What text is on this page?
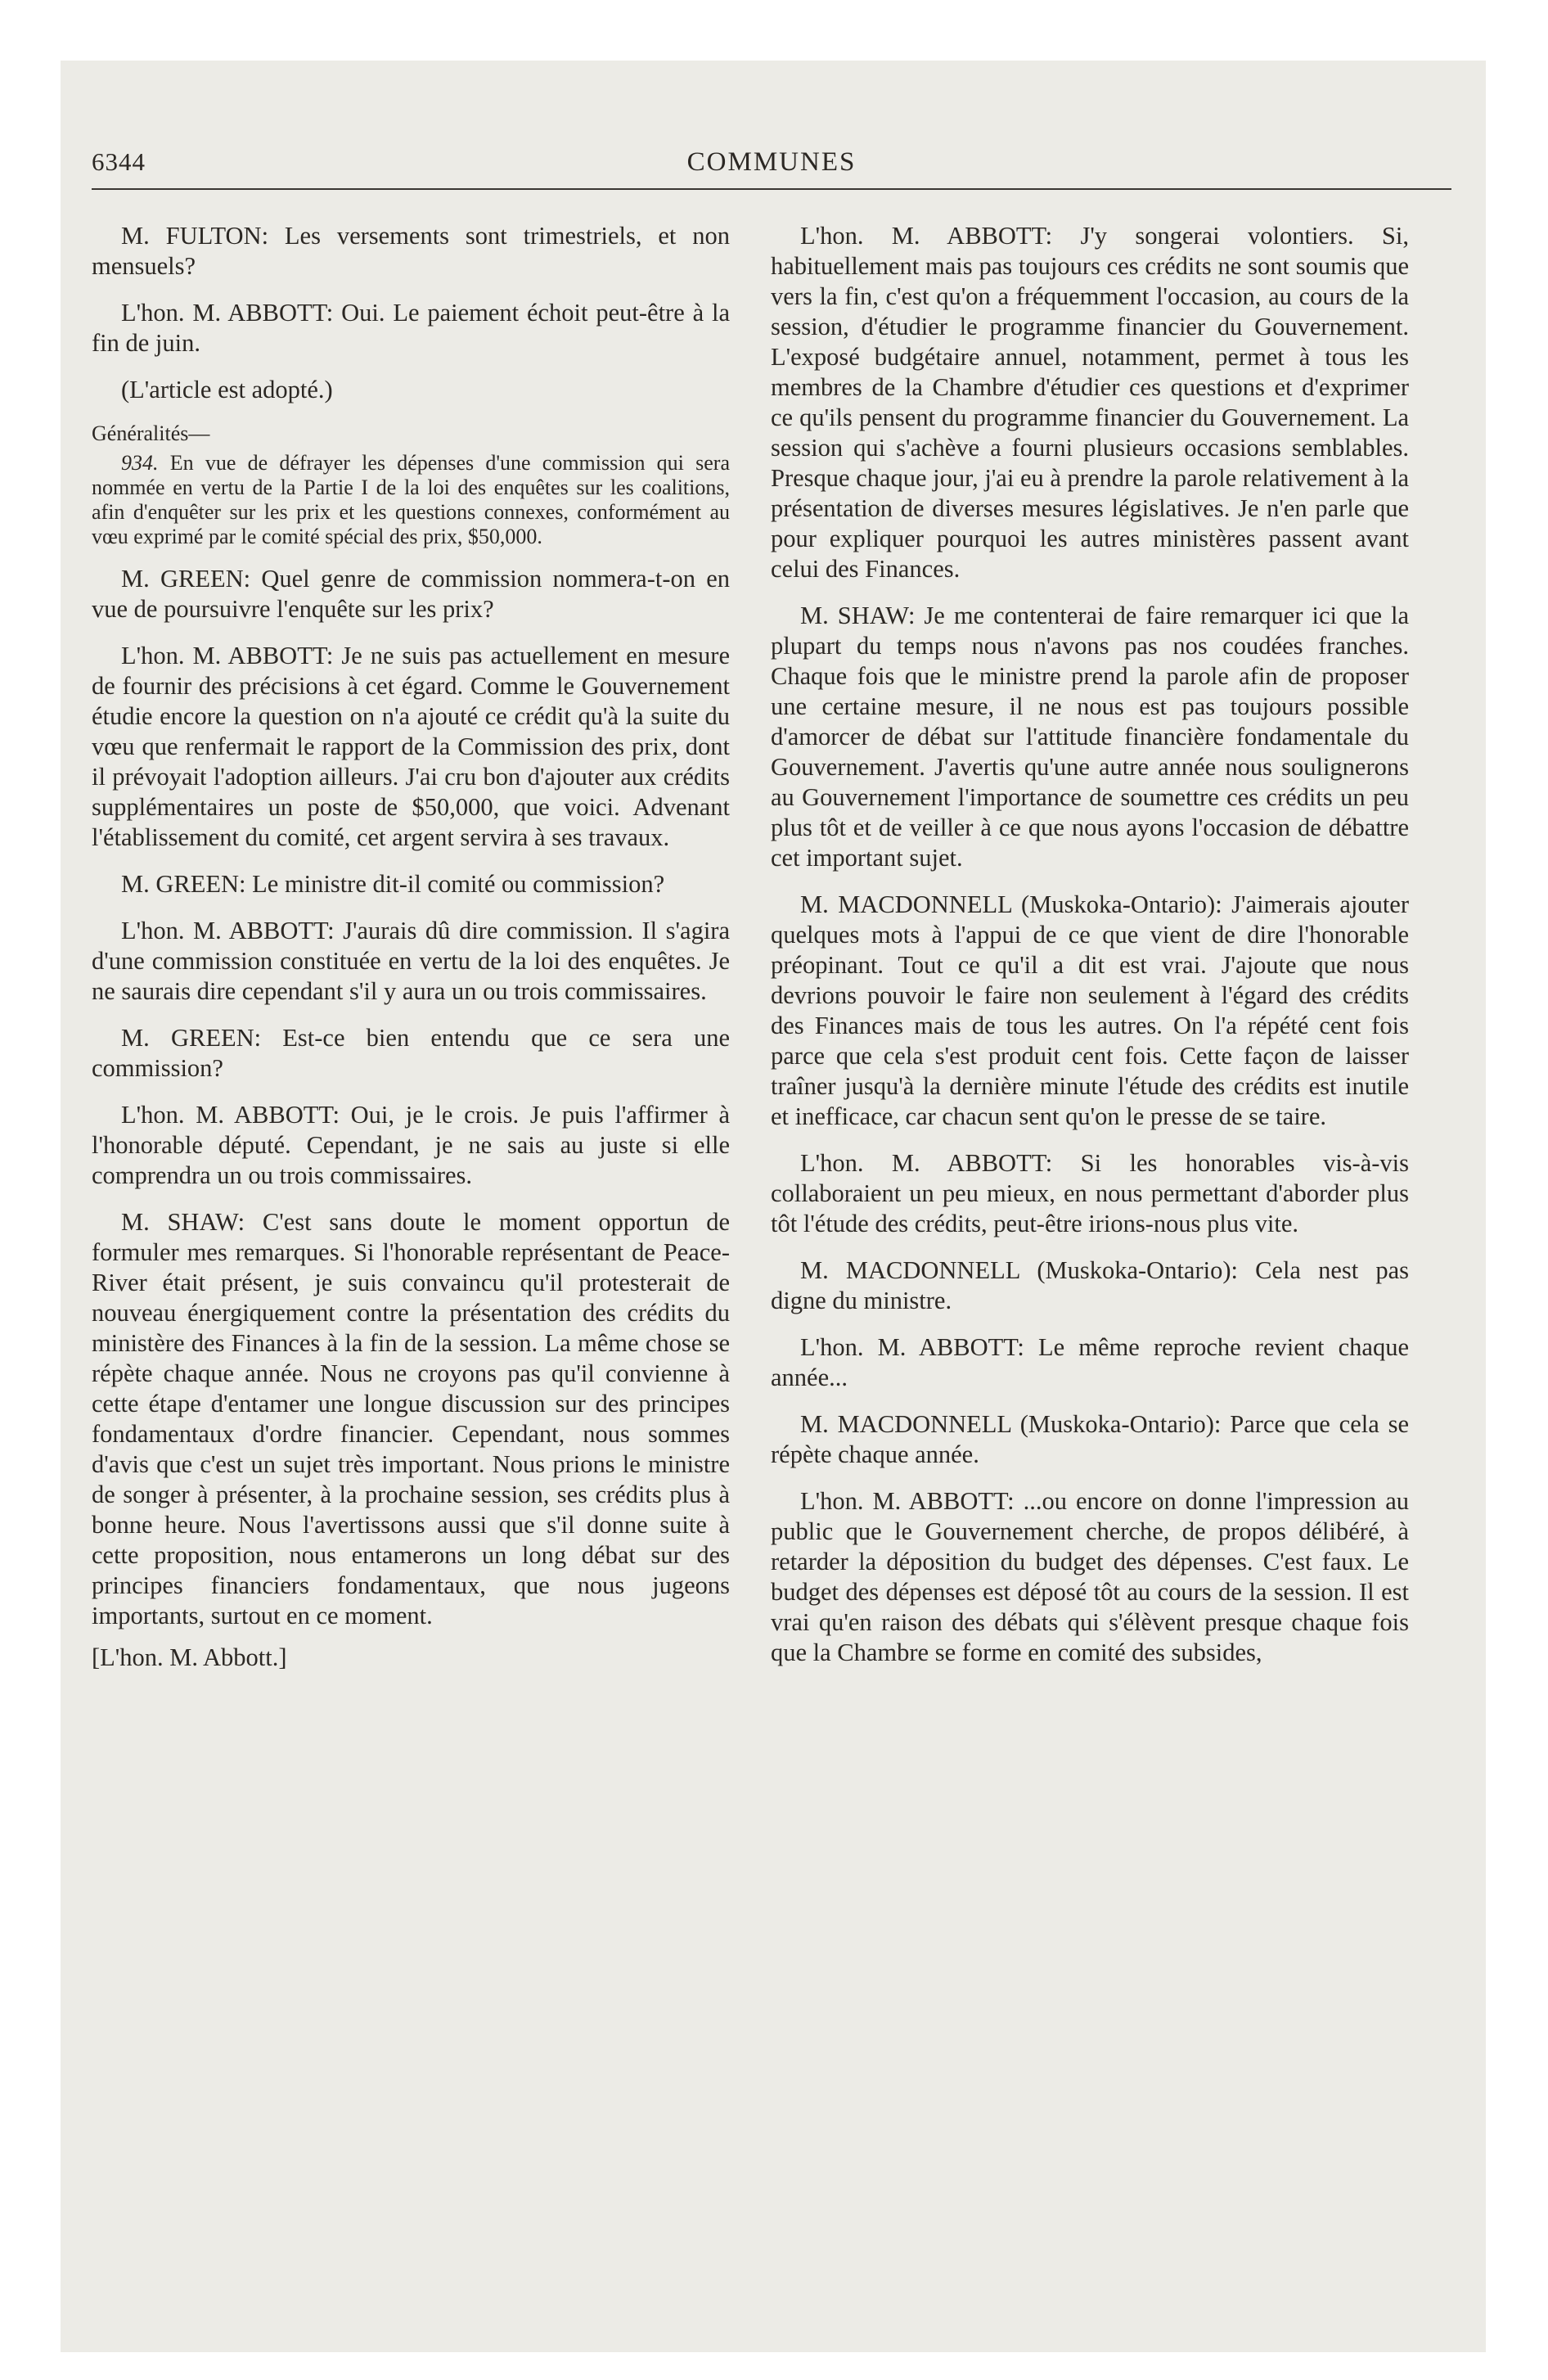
6344	COMMUNES

M. FULTON: Les versements sont trimestriels, et non mensuels?

L'hon. M. ABBOTT: Oui. Le paiement échoit peut-être à la fin de juin.

(L'article est adopté.)

Généralités—

934. En vue de défrayer les dépenses d'une commission qui sera nommée en vertu de la Partie I de la loi des enquêtes sur les coalitions, afin d'enquêter sur les prix et les questions connexes, conformément au vœu exprimé par le comité spécial des prix, $50,000.

M. GREEN: Quel genre de commission nommera-t-on en vue de poursuivre l'enquête sur les prix?

L'hon. M. ABBOTT: Je ne suis pas actuellement en mesure de fournir des précisions à cet égard. Comme le Gouvernement étudie encore la question on n'a ajouté ce crédit qu'à la suite du vœu que renfermait le rapport de la Commission des prix, dont il prévoyait l'adoption ailleurs. J'ai cru bon d'ajouter aux crédits supplémentaires un poste de $50,000, que voici. Advenant l'établissement du comité, cet argent servira à ses travaux.

M. GREEN: Le ministre dit-il comité ou commission?

L'hon. M. ABBOTT: J'aurais dû dire commission. Il s'agira d'une commission constituée en vertu de la loi des enquêtes. Je ne saurais dire cependant s'il y aura un ou trois commissaires.

M. GREEN: Est-ce bien entendu que ce sera une commission?

L'hon. M. ABBOTT: Oui, je le crois. Je puis l'affirmer à l'honorable député. Cependant, je ne sais au juste si elle comprendra un ou trois commissaires.

M. SHAW: C'est sans doute le moment opportun de formuler mes remarques. Si l'honorable représentant de Peace-River était présent, je suis convaincu qu'il protesterait de nouveau énergiquement contre la présentation des crédits du ministère des Finances à la fin de la session. La même chose se répète chaque année. Nous ne croyons pas qu'il convienne à cette étape d'entamer une longue discussion sur des principes fondamentaux d'ordre financier. Cependant, nous sommes d'avis que c'est un sujet très important. Nous prions le ministre de songer à présenter, à la prochaine session, ses crédits plus à bonne heure. Nous l'avertissons aussi que s'il donne suite à cette proposition, nous entamerons un long débat sur des principes financiers fondamentaux, que nous jugeons importants, surtout en ce moment.

[L'hon. M. Abbott.]

L'hon. M. ABBOTT: J'y songerai volontiers. Si, habituellement mais pas toujours ces crédits ne sont soumis que vers la fin, c'est qu'on a fréquemment l'occasion, au cours de la session, d'étudier le programme financier du Gouvernement. L'exposé budgétaire annuel, notamment, permet à tous les membres de la Chambre d'étudier ces questions et d'exprimer ce qu'ils pensent du programme financier du Gouvernement. La session qui s'achève a fourni plusieurs occasions semblables. Presque chaque jour, j'ai eu à prendre la parole relativement à la présentation de diverses mesures législatives. Je n'en parle que pour expliquer pourquoi les autres ministères passent avant celui des Finances.

M. SHAW: Je me contenterai de faire remarquer ici que la plupart du temps nous n'avons pas nos coudées franches. Chaque fois que le ministre prend la parole afin de proposer une certaine mesure, il ne nous est pas toujours possible d'amorcer de débat sur l'attitude financière fondamentale du Gouvernement. J'avertis qu'une autre année nous soulignerons au Gouvernement l'importance de soumettre ces crédits un peu plus tôt et de veiller à ce que nous ayons l'occasion de débattre cet important sujet.

M. MACDONNELL (Muskoka-Ontario): J'aimerais ajouter quelques mots à l'appui de ce que vient de dire l'honorable préopinant. Tout ce qu'il a dit est vrai. J'ajoute que nous devrions pouvoir le faire non seulement à l'égard des crédits des Finances mais de tous les autres. On l'a répété cent fois parce que cela s'est produit cent fois. Cette façon de laisser traîner jusqu'à la dernière minute l'étude des crédits est inutile et inefficace, car chacun sent qu'on le presse de se taire.

L'hon. M. ABBOTT: Si les honorables vis-à-vis collaboraient un peu mieux, en nous permettant d'aborder plus tôt l'étude des crédits, peut-être irions-nous plus vite.

M. MACDONNELL (Muskoka-Ontario): Cela nest pas digne du ministre.

L'hon. M. ABBOTT: Le même reproche revient chaque année...

M. MACDONNELL (Muskoka-Ontario): Parce que cela se répète chaque année.

L'hon. M. ABBOTT: ...ou encore on donne l'impression au public que le Gouvernement cherche, de propos délibéré, à retarder la déposition du budget des dépenses. C'est faux. Le budget des dépenses est déposé tôt au cours de la session. Il est vrai qu'en raison des débats qui s'élèvent presque chaque fois que la Chambre se forme en comité des subsides,
